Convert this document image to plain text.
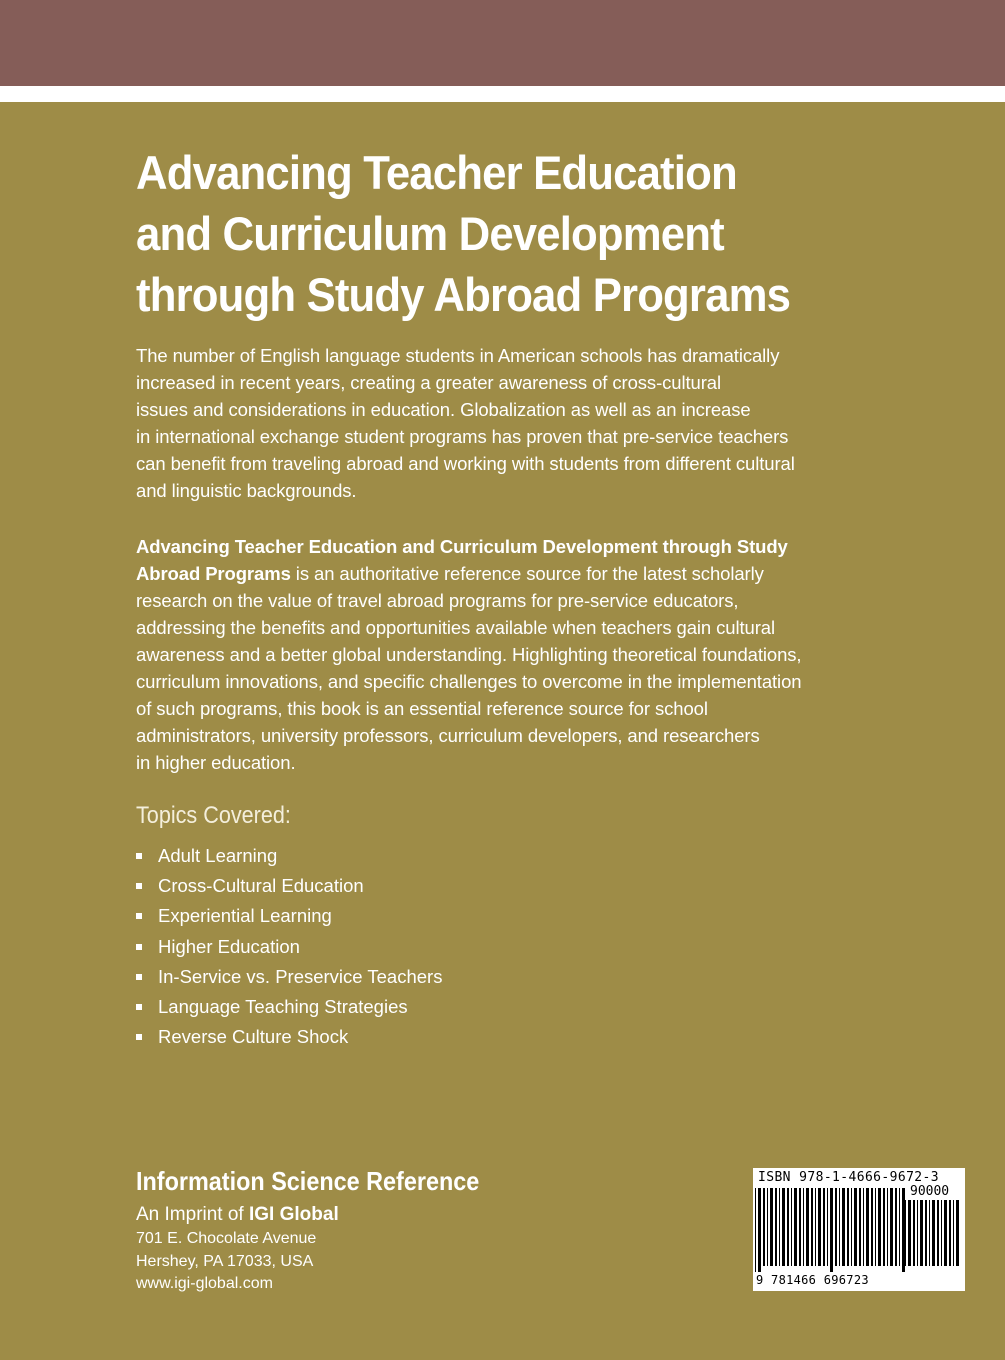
Advancing Teacher Education
and Curriculum Development
through Study Abroad Programs

The number of English language students in American schools has dramatically
increased in recent years, creating a greater awareness of cross-cultural
issues and considerations in education. Globalization as well as an increase
in international exchange student programs has proven that pre-service teachers
can benefit from traveling abroad and working with students from different cultural
and linguistic backgrounds.

Advancing Teacher Education and Curriculum Development through Study
Abroad Programs is an authoritative reference source for the latest scholarly
research on the value of travel abroad programs for pre-service educators,
addressing the benefits and opportunities available when teachers gain cultural
awareness and a better global understanding. Highlighting theoretical foundations,
curriculum innovations, and specific challenges to overcome in the implementation
of such programs, this book is an essential reference source for school
administrators, university professors, curriculum developers, and researchers
in higher education.

Topics Covered:
Adult Learning
Cross-Cultural Education
Experiential Learning
Higher Education
In-Service vs. Preservice Teachers
Language Teaching Strategies
Reverse Culture Shock

Information Science Reference

An Imprint of IGI Global

701 E. Chocolate Avenue

Hershey, PA 17033, USA

www.igi-global.com

ISBN 978-1-4666-9672-3
90000
9 781466 696723
